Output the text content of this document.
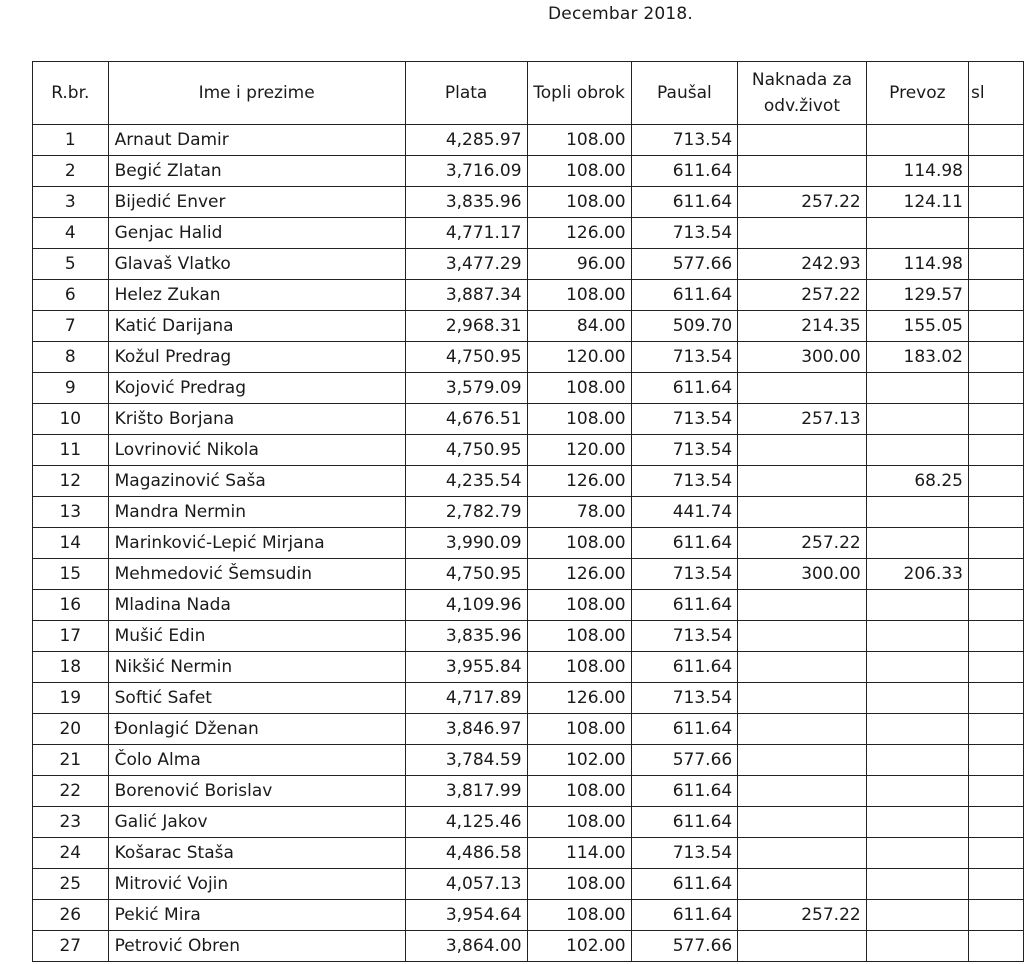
Decembar 2018.
R.br.	Ime i prezime	Plata	Topli obrok	Paušal	Naknada za odv.život	Prevoz	sl
1	Arnaut Damir	4,285.97	108.00	713.54			
2	Begić Zlatan	3,716.09	108.00	611.64		114.98	
3	Bijedić Enver	3,835.96	108.00	611.64	257.22	124.11	
4	Genjac Halid	4,771.17	126.00	713.54			
5	Glavaš Vlatko	3,477.29	96.00	577.66	242.93	114.98	
6	Helez Zukan	3,887.34	108.00	611.64	257.22	129.57	
7	Katić Darijana	2,968.31	84.00	509.70	214.35	155.05	
8	Kožul Predrag	4,750.95	120.00	713.54	300.00	183.02	
9	Kojović Predrag	3,579.09	108.00	611.64			
10	Krišto Borjana	4,676.51	108.00	713.54	257.13		
11	Lovrinović Nikola	4,750.95	120.00	713.54			
12	Magazinović Saša	4,235.54	126.00	713.54		68.25	
13	Mandra Nermin	2,782.79	78.00	441.74			
14	Marinković-Lepić Mirjana	3,990.09	108.00	611.64	257.22		
15	Mehmedović Šemsudin	4,750.95	126.00	713.54	300.00	206.33	
16	Mladina Nada	4,109.96	108.00	611.64			
17	Mušić Edin	3,835.96	108.00	713.54			
18	Nikšić Nermin	3,955.84	108.00	611.64			
19	Softić Safet	4,717.89	126.00	713.54			
20	Đonlagić Dženan	3,846.97	108.00	611.64			
21	Čolo Alma	3,784.59	102.00	577.66			
22	Borenović Borislav	3,817.99	108.00	611.64			
23	Galić Jakov	4,125.46	108.00	611.64			
24	Košarac Staša	4,486.58	114.00	713.54			
25	Mitrović Vojin	4,057.13	108.00	611.64			
26	Pekić Mira	3,954.64	108.00	611.64	257.22		
27	Petrović Obren	3,864.00	102.00	577.66			
